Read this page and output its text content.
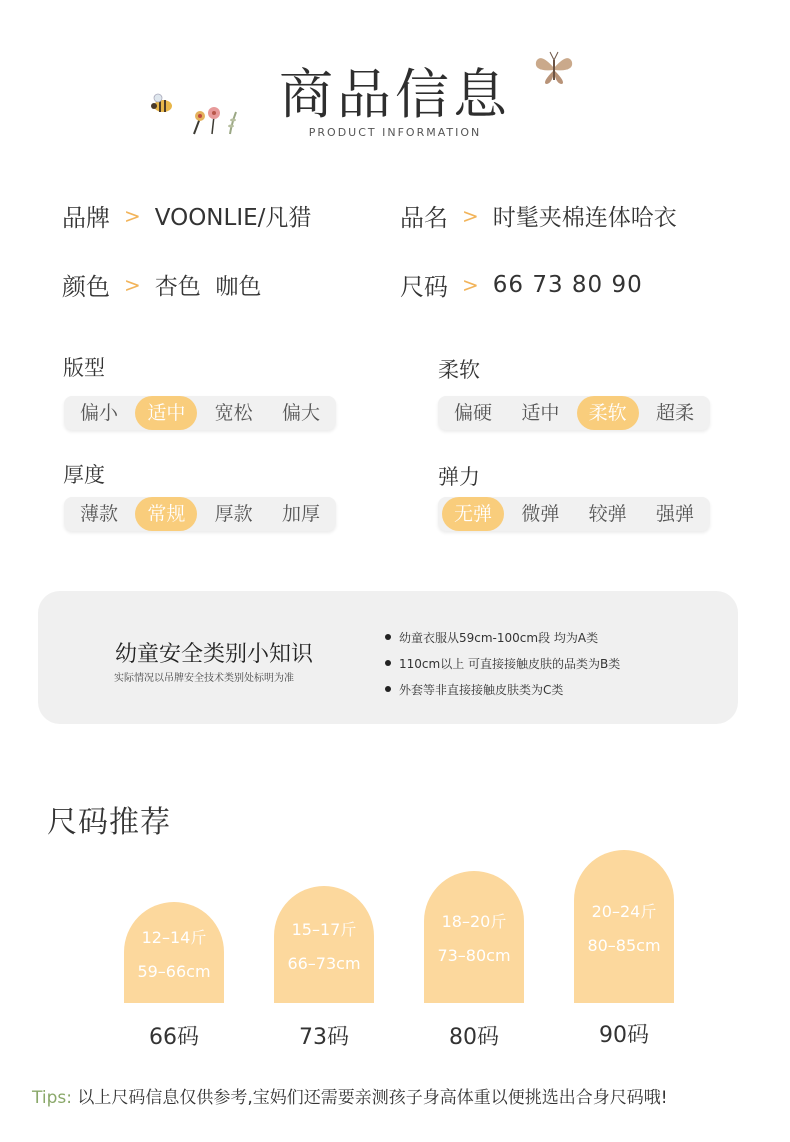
商品信息
PRODUCT INFORMATION
品牌 > VOONLIE/凡猎	品名 > 时髦夹棉连体哈衣
颜色 > 杏色  咖色	尺码 > 66 73 80 90
版型
偏小	适中	宽松	偏大
柔软
偏硬	适中	柔软	超柔
厚度
薄款	常规	厚款	加厚
弹力
无弹	微弹	较弹	强弹
幼童安全类别小知识
实际情况以吊牌安全技术类别处标明为准
幼童衣服从59cm-100cm段 均为A类
110cm以上 可直接接触皮肤的品类为B类
外套等非直接接触皮肤类为C类
尺码推荐
12–14斤
59–66cm
66码
15–17斤
66–73cm
73码
18–20斤
73–80cm
80码
20–24斤
80–85cm
90码
Tips: 以上尺码信息仅供参考,宝妈们还需要亲测孩子身高体重以便挑选出合身尺码哦!
